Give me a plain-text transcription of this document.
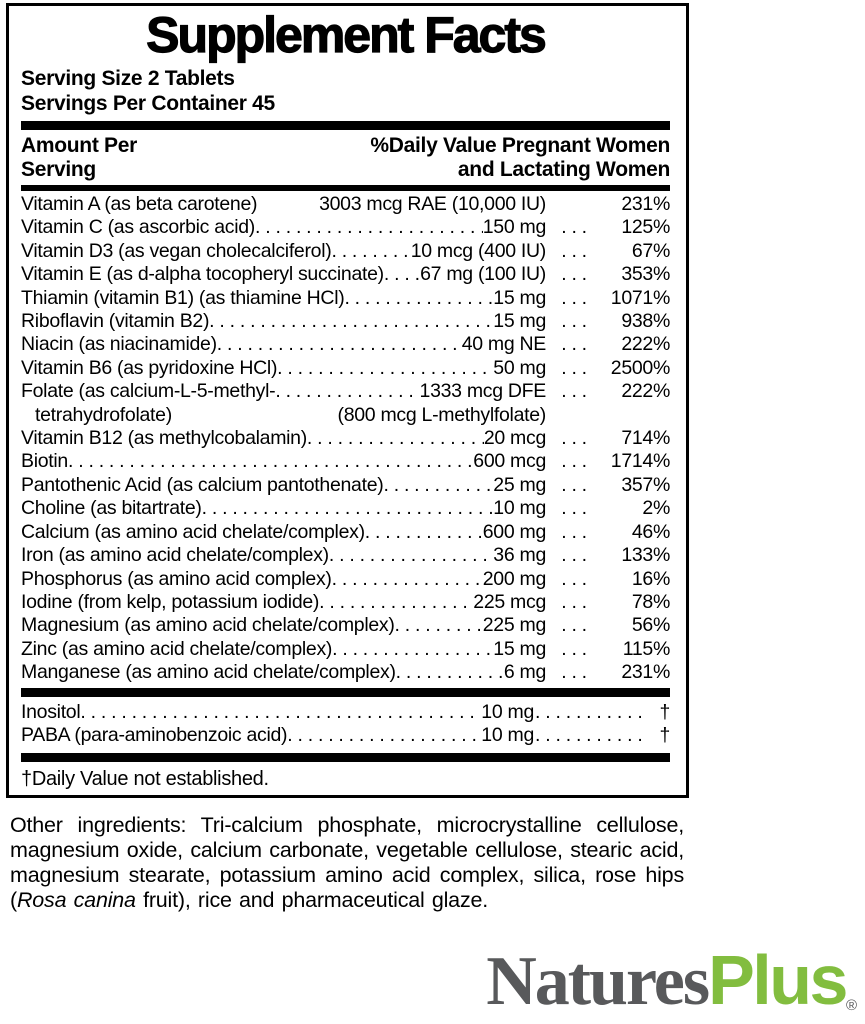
Supplement Facts
Serving Size 2 Tablets
Servings Per Container 45
Amount Per
Serving
%Daily Value Pregnant Women
and Lactating Women
Vitamin A (as beta carotene)	3003 mcg RAE (10,000 IU)	231%
Vitamin C (as ascorbic acid) . . .	150 mg . . .	125%
Vitamin D3 (as vegan cholecalciferol) . . .	10 mcg (400 IU) . . .	67%
Vitamin E (as d-alpha tocopheryl succinate) . . . 67 mg (100 IU) . . .	353%
Thiamin (vitamin B1) (as thiamine HCl) . . .	15 mg . . .	1071%
Riboflavin (vitamin B2) . . .	15 mg . . .	938%
Niacin (as niacinamide) . . .	40 mg NE . . .	222%
Vitamin B6 (as pyridoxine HCl) . . .	50 mg . . .	2500%
Folate (as calcium-L-5-methyl- . . .	1333 mcg DFE . . .	222%
tetrahydrofolate)	(800 mcg L-methylfolate)
Vitamin B12 (as methylcobalamin) . . .	20 mcg . . .	714%
Biotin . . .	600 mcg . . .	1714%
Pantothenic Acid (as calcium pantothenate) . . .	25 mg . . .	357%
Choline (as bitartrate) . . .	10 mg . . .	2%
Calcium (as amino acid chelate/complex) . . .	600 mg . . .	46%
Iron (as amino acid chelate/complex) . . .	36 mg . . .	133%
Phosphorus (as amino acid complex) . . .	200 mg . . .	16%
Iodine (from kelp, potassium iodide) . . .	225 mcg . . .	78%
Magnesium (as amino acid chelate/complex) . . .	225 mg . . .	56%
Zinc (as amino acid chelate/complex) . . .	15 mg . . .	115%
Manganese (as amino acid chelate/complex) . . .	6 mg . . .	231%
Inositol . . .	10 mg . . .	†
PABA (para-aminobenzoic acid) . . .	10 mg . . .	†
†Daily Value not established.

Other ingredients: Tri-calcium phosphate, microcrystalline cellulose, magnesium oxide, calcium carbonate, vegetable cellulose, stearic acid, magnesium stearate, potassium amino acid complex, silica, rose hips (Rosa canina fruit), rice and pharmaceutical glaze.

Natures Plus ®
